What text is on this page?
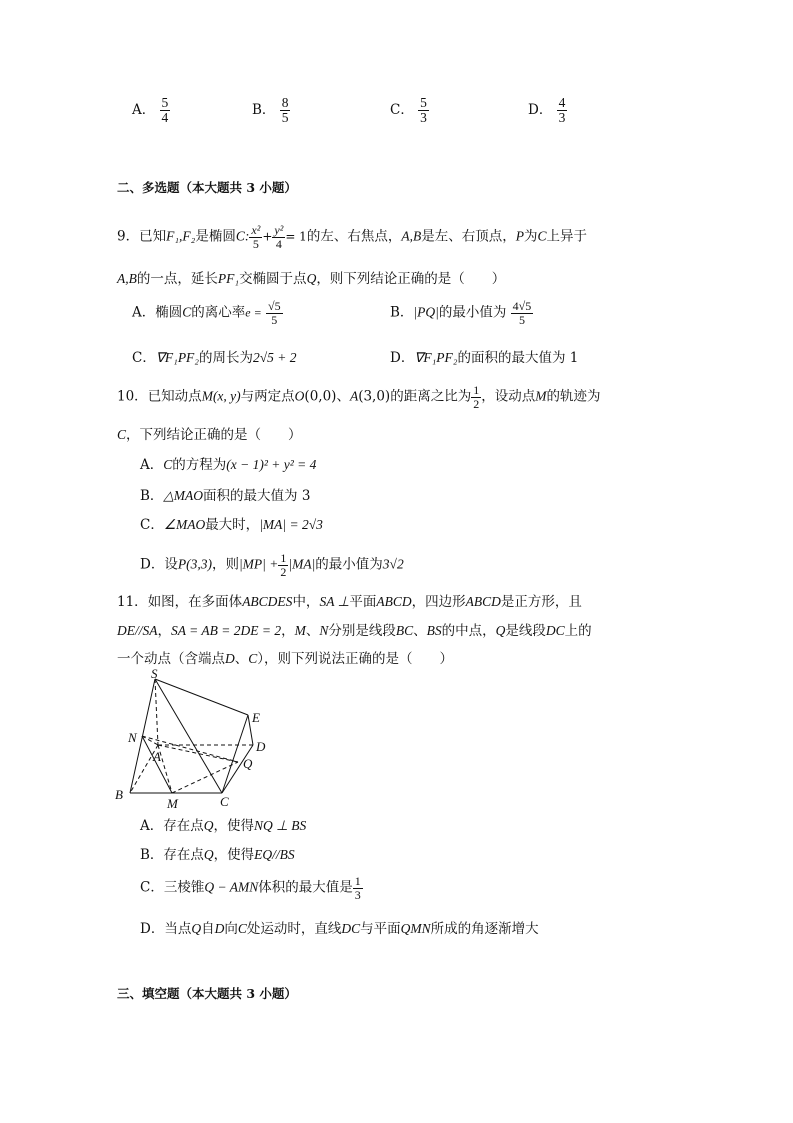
A． $\frac{5}{4}$	B． $\frac{8}{5}$	C． $\frac{5}{3}$	D． $\frac{4}{3}$
二、多选题（本大题共 3 小题）
9．已知F₁,F₂是椭圆C: $\frac{\text{x²}}{5} + \frac{\text{y²}}{4} = 1$的左、右焦点，A,B是左、右顶点，P为C上异于
A,B的一点，延长PF₁交椭圆于点Q，则下列结论正确的是（　　）
A．椭圆C的离心率$e = \frac{√5}{5}$	B．|PQ|的最小值为 $\frac{4√5}{5}$
C．∇F₁PF₂的周长为2√5 + 2	D．∇F₁PF₂的面积的最大值为 1
10．已知动点M(x, y)与两定点O(0,0)、A(3,0)的距离之比为 $\frac{1}{2}$ ，设动点M的轨迹为
C，下列结论正确的是（　　）
A．C的方程为(x − 1)² + y² = 4
B．△MAO面积的最大值为 3
C．∠MAO最大时，|MA| = 2√3
D．设P(3,3)，则$|MP| + \frac{1}{2} |MA|$的最小值为3√2
11．如图，在多面体ABCDES中，SA ⊥平面ABCD，四边形ABCD是正方形，且
DE//SA，SA = AB = 2DE = 2，M、N分别是线段BC、BS的中点，Q是线段DC上的
一个动点（含端点D、C），则下列说法正确的是（　　）
S
E
N
A
D
Q
B
M	C
A．存在点Q，使得NQ ⊥ BS
B．存在点Q，使得EQ//BS
C．三棱锥Q − AMN体积的最大值是 $\frac{1}{3}$
D．当点Q自D向C处运动时，直线DC与平面QMN所成的角逐渐增大
三、填空题（本大题共 3 小题）
